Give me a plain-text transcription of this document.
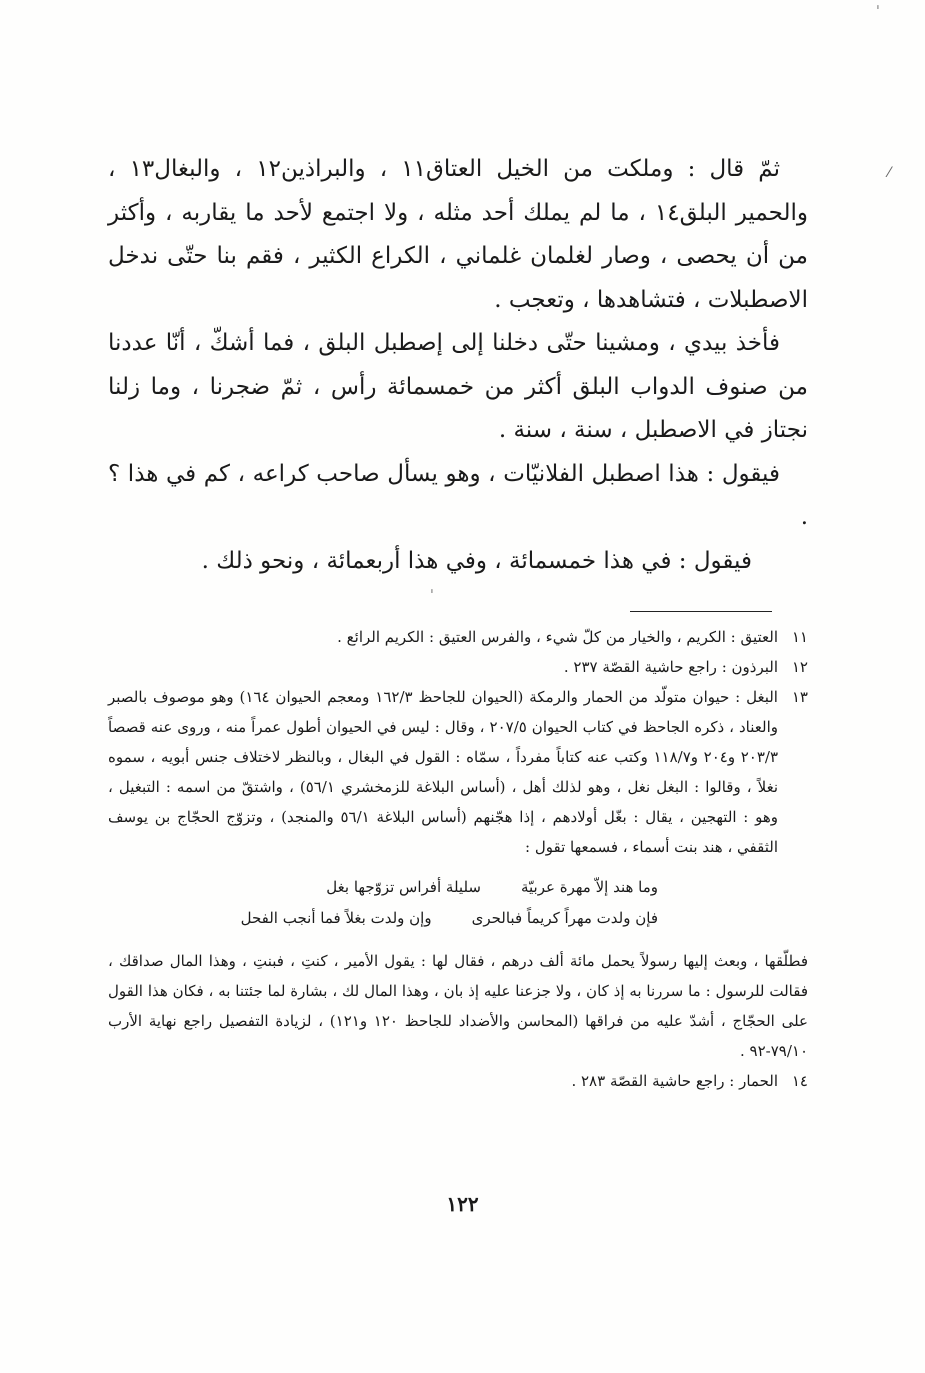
ثمّ قال : وملكت من الخيل العتاق١١ ، والبراذين١٢ ، والبغال١٣ ، والحمير البلق١٤ ، ما لم يملك أحد مثله ، ولا اجتمع لأحد ما يقاربه ، وأكثر من أن يحصى ، وصار لغلمان غلماني ، الكراع الكثير ، فقم بنا حتّى ندخل الاصطبلات ، فتشاهدها ، وتعجب .

فأخذ بيدي ، ومشينا حتّى دخلنا إلى إصطبل البلق ، فما أشكّ ، أنّا عددنا من صنوف الدواب البلق أكثر من خمسمائة رأس ، ثمّ ضجرنا ، وما زلنا نجتاز في الاصطبل ، سنة ، سنة .

فيقول : هذا اصطبل الفلانيّات ، وهو يسأل صاحب كراعه ، كم في هذا ؟ .

فيقول : في هذا خمسمائة ، وفي هذا أربعمائة ، ونحو ذلك .

١١
العتيق : الكريم ، والخيار من كلّ شيء ، والفرس العتيق : الكريم الرائع .
١٢
البرذون : راجع حاشية القصّة ٢٣٧ .
١٣
البغل : حيوان متولّد من الحمار والرمكة (الحيوان للجاحظ ١٦٢/٣ ومعجم الحيوان ١٦٤) وهو موصوف بالصبر والعناد ، ذكره الجاحظ في كتاب الحيوان ٢٠٧/٥ ، وقال : ليس في الحيوان أطول عمراً منه ، وروى عنه قصصاً ٢٠٣/٣ و٢٠٤ و١١٨/٧ وكتب عنه كتاباً مفرداً ، سمّاه : القول في البغال ، وبالنظر لاختلاف جنس أبويه ، سموه نغلاً ، وقالوا : البغل نغل ، وهو لذلك أهل ، (أساس البلاغة للزمخشري ٥٦/١) ، واشتقّ من اسمه : التبغيل ، وهو : التهجين ، يقال : بغّل أولادهم ، إذا هجّنهم (أساس البلاغة ٥٦/١ والمنجد) ، وتزوّج الحجّاج بن يوسف الثقفي ، هند بنت أسماء ، فسمعها تقول :
وما هند إلاّ مهرة عربيّة
سليلة أفراس تزوّجها بغل
فإن ولدت مهراً كريماً فبالحرى
وإن ولدت بغلاً فما أنجب الفحل
فطلّقها ، وبعث إليها رسولاً يحمل مائة ألف درهم ، فقال لها : يقول الأمير ، كنتِ ، فبنتِ ، وهذا المال صداقك ، فقالت للرسول : ما سررنا به إذ كان ، ولا جزعنا عليه إذ بان ، وهذا المال لك ، بشارة لما جئتنا به ، فكان هذا القول على الحجّاج ، أشدّ عليه من فراقها (المحاسن والأضداد للجاحظ ١٢٠ و١٢١) ، لزيادة التفصيل راجع نهاية الأرب ٧٩/١٠-٩٢ .
١٤
الحمار : راجع حاشية القصّة ٢٨٣ .
١٢٢
ˈ
⁄
ˈ
